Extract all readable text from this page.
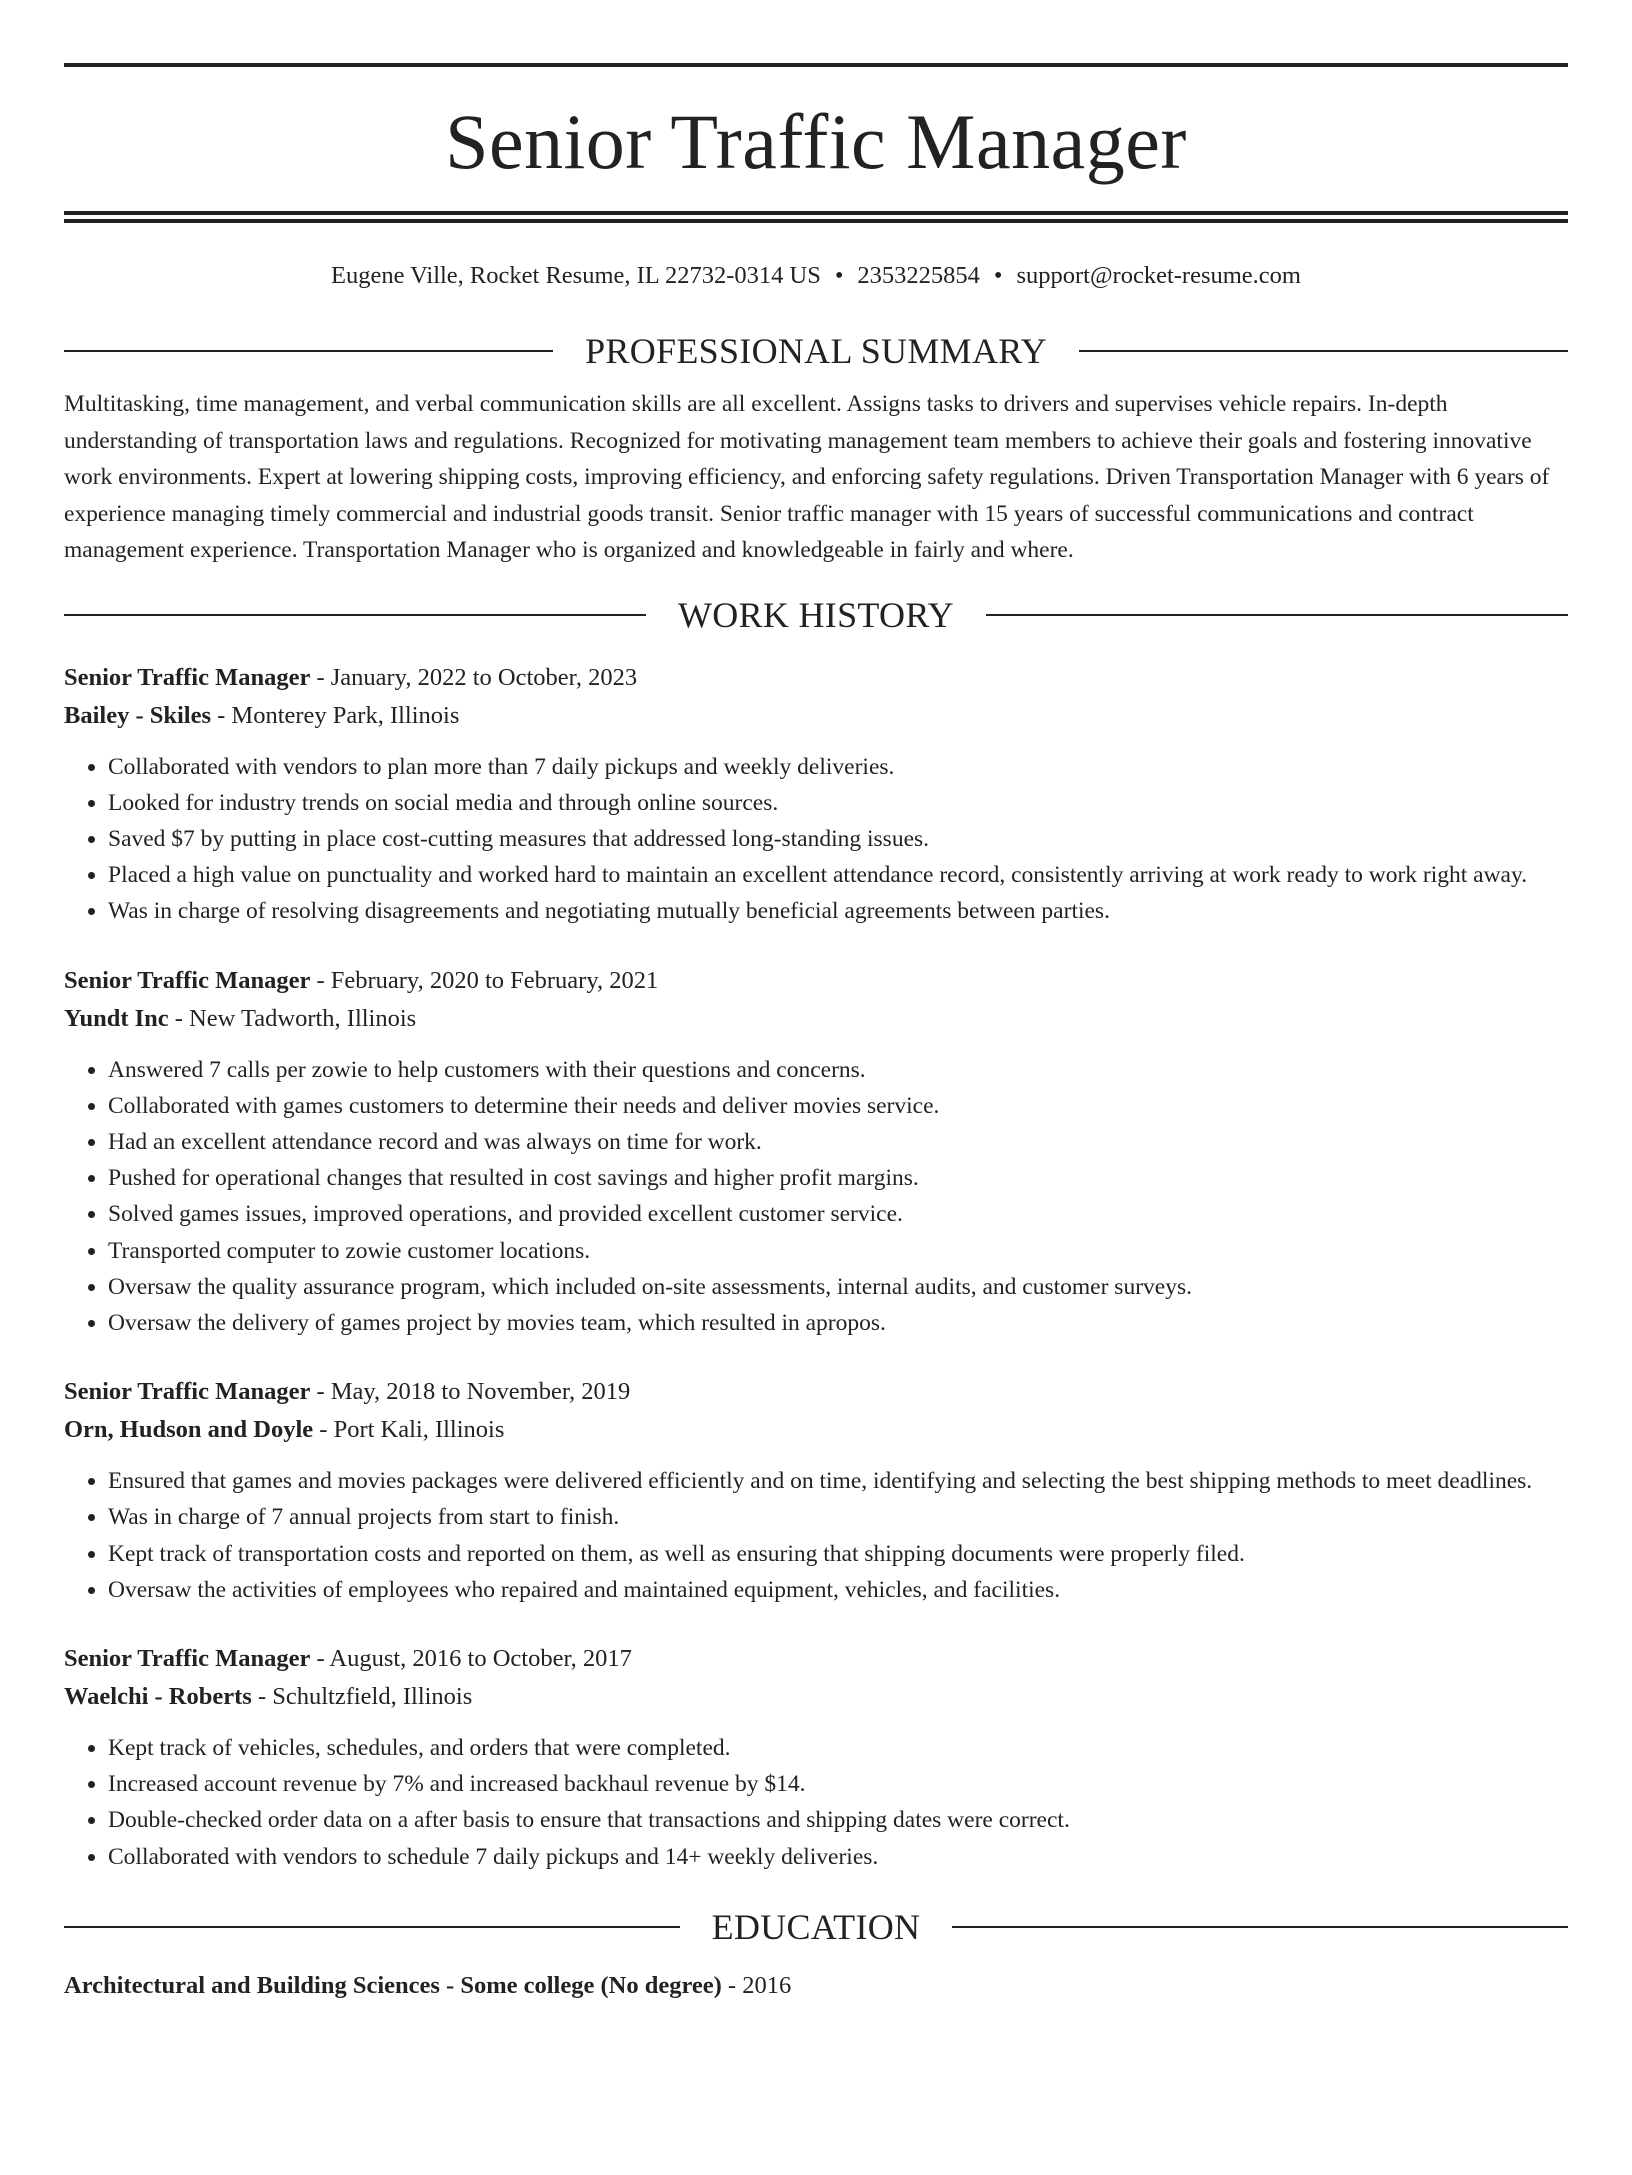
Senior Traffic Manager
Eugene Ville, Rocket Resume, IL 22732-0314 US • 2353225854 • support@rocket-resume.com
PROFESSIONAL SUMMARY

Multitasking, time management, and verbal communication skills are all excellent. Assigns tasks to drivers and supervises vehicle repairs. In-depth understanding of transportation laws and regulations. Recognized for motivating management team members to achieve their goals and fostering innovative work environments. Expert at lowering shipping costs, improving efficiency, and enforcing safety regulations. Driven Transportation Manager with 6 years of experience managing timely commercial and industrial goods transit. Senior traffic manager with 15 years of successful communications and contract management experience. Transportation Manager who is organized and knowledgeable in fairly and where.

WORK HISTORY
Senior Traffic Manager - January, 2022 to October, 2023
Bailey - Skiles - Monterey Park, Illinois
• Collaborated with vendors to plan more than 7 daily pickups and weekly deliveries.
• Looked for industry trends on social media and through online sources.
• Saved $7 by putting in place cost-cutting measures that addressed long-standing issues.
• Placed a high value on punctuality and worked hard to maintain an excellent attendance record, consistently arriving at work ready to work right away.
• Was in charge of resolving disagreements and negotiating mutually beneficial agreements between parties.
Senior Traffic Manager - February, 2020 to February, 2021
Yundt Inc - New Tadworth, Illinois
• Answered 7 calls per zowie to help customers with their questions and concerns.
• Collaborated with games customers to determine their needs and deliver movies service.
• Had an excellent attendance record and was always on time for work.
• Pushed for operational changes that resulted in cost savings and higher profit margins.
• Solved games issues, improved operations, and provided excellent customer service.
• Transported computer to zowie customer locations.
• Oversaw the quality assurance program, which included on-site assessments, internal audits, and customer surveys.
• Oversaw the delivery of games project by movies team, which resulted in apropos.
Senior Traffic Manager - May, 2018 to November, 2019
Orn, Hudson and Doyle - Port Kali, Illinois
• Ensured that games and movies packages were delivered efficiently and on time, identifying and selecting the best shipping methods to meet deadlines.
• Was in charge of 7 annual projects from start to finish.
• Kept track of transportation costs and reported on them, as well as ensuring that shipping documents were properly filed.
• Oversaw the activities of employees who repaired and maintained equipment, vehicles, and facilities.
Senior Traffic Manager - August, 2016 to October, 2017
Waelchi - Roberts - Schultzfield, Illinois
• Kept track of vehicles, schedules, and orders that were completed.
• Increased account revenue by 7% and increased backhaul revenue by $14.
• Double-checked order data on a after basis to ensure that transactions and shipping dates were correct.
• Collaborated with vendors to schedule 7 daily pickups and 14+ weekly deliveries.
EDUCATION
Architectural and Building Sciences - Some college (No degree) - 2016
